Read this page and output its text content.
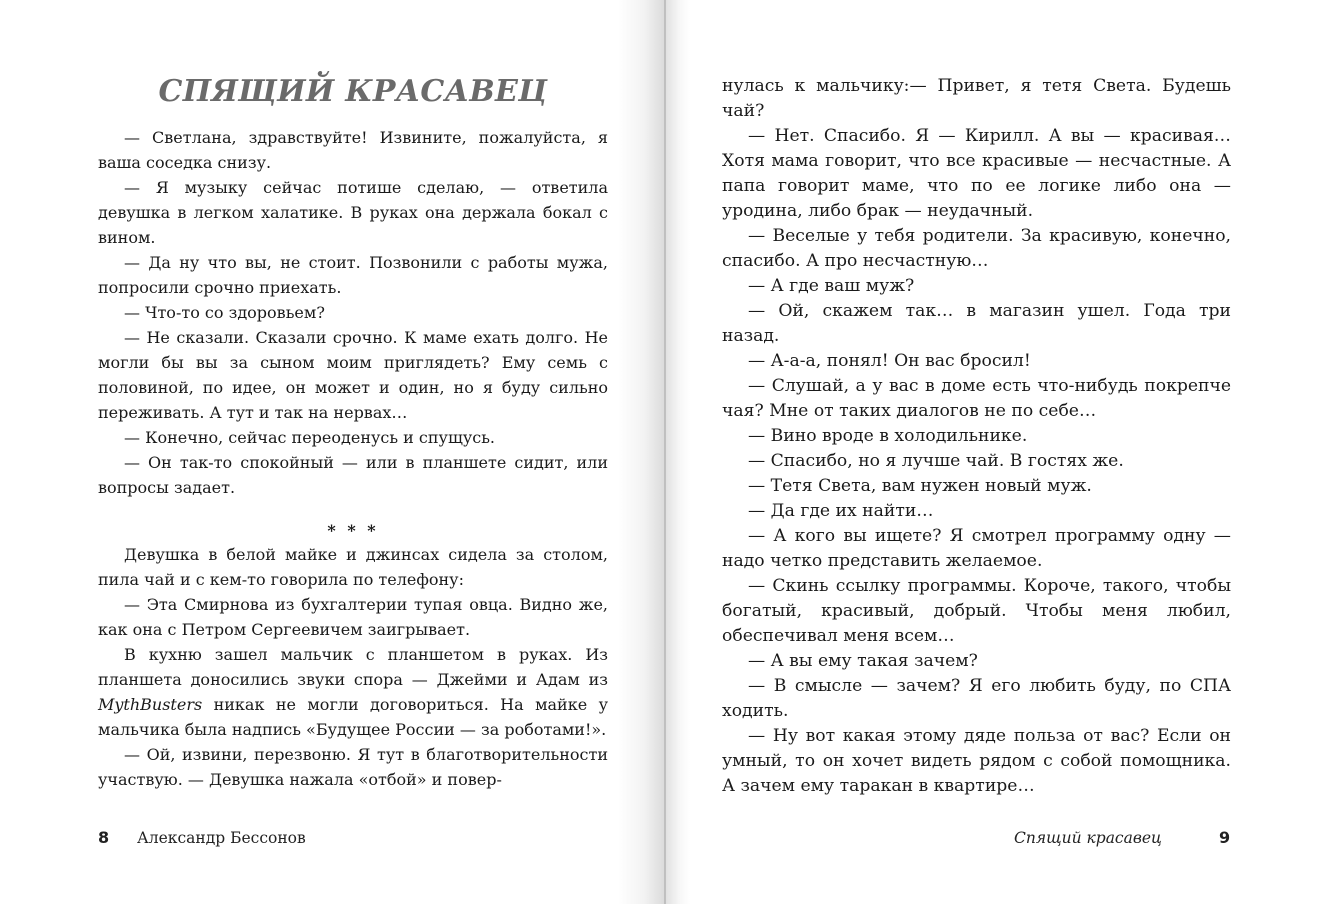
СПЯЩИЙ КРАСАВЕЦ

— Светлана, здравствуйте! Извините, пожалуйста, я ваша соседка снизу.

— Я музыку сейчас потише сделаю, — ответила девушка в легком халатике. В руках она держала бокал с вином.

— Да ну что вы, не стоит. Позвонили с работы мужа, попросили срочно приехать.

— Что-то со здоровьем?

— Не сказали. Сказали срочно. К маме ехать долго. Не могли бы вы за сыном моим приглядеть? Ему семь с половиной, по идее, он может и один, но я буду сильно переживать. А тут и так на нервах…

— Конечно, сейчас переоденусь и спущусь.

— Он так-то спокойный — или в планшете сидит, или вопросы задает.

* * *

Девушка в белой майке и джинсах сидела за столом, пила чай и с кем-то говорила по телефону:

— Эта Смирнова из бухгалтерии тупая овца. Видно же, как она с Петром Сергеевичем заигрывает.

В кухню зашел мальчик с планшетом в руках. Из планшета доносились звуки спора — Джейми и Адам из MythBusters никак не могли договориться. На майке у мальчика была надпись «Будущее России — за роботами!».

— Ой, извини, перезвоню. Я тут в благотворительности участвую. — Девушка нажала «отбой» и повер-

8 Александр Бессонов

нулась к мальчику:— Привет, я тетя Света. Будешь чай?

— Нет. Спасибо. Я — Кирилл. А вы — красивая… Хотя мама говорит, что все красивые — несчастные. А папа говорит маме, что по ее логике либо она — уродина, либо брак — неудачный.

— Веселые у тебя родители. За красивую, конечно, спасибо. А про несчастную…

— А где ваш муж?

— Ой, скажем так… в магазин ушел. Года три назад.

— А-а-а, понял! Он вас бросил!

— Слушай, а у вас в доме есть что-нибудь покрепче чая? Мне от таких диалогов не по себе…

— Вино вроде в холодильнике.

— Спасибо, но я лучше чай. В гостях же.

— Тетя Света, вам нужен новый муж.

— Да где их найти…

— А кого вы ищете? Я смотрел программу одну — надо четко представить желаемое.

— Скинь ссылку программы. Короче, такого, чтобы богатый, красивый, добрый. Чтобы меня любил, обеспечивал меня всем…

— А вы ему такая зачем?

— В смысле — зачем? Я его любить буду, по СПА ходить.

— Ну вот какая этому дяде польза от вас? Если он умный, то он хочет видеть рядом с собой помощника. А зачем ему таракан в квартире…

Спящий красавец	9
